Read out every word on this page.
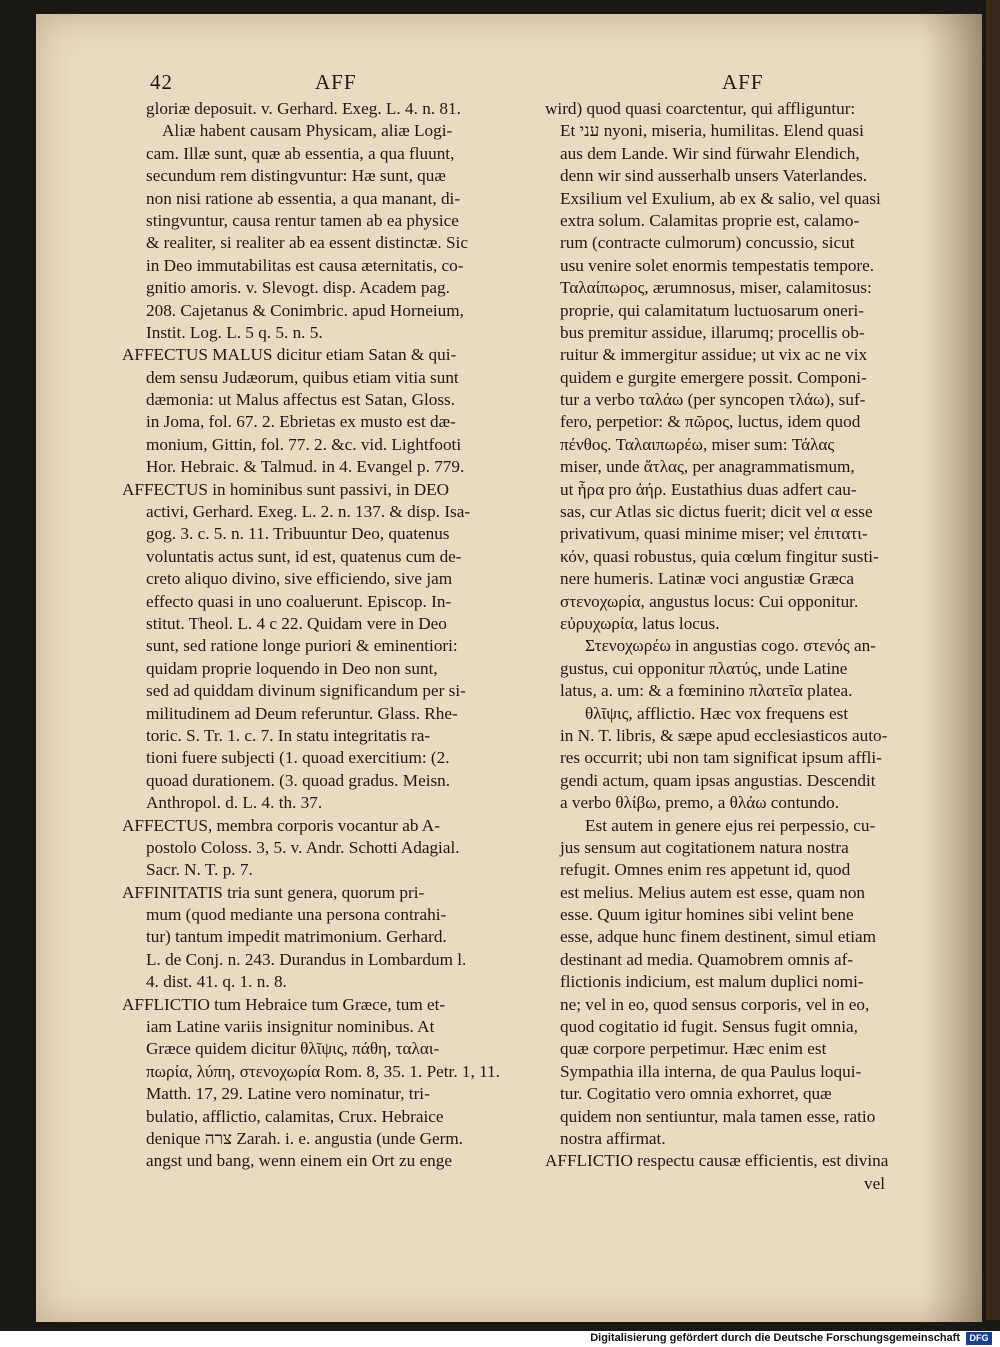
42	AFF	AFF
gloriæ deposuit. v. Gerhard. Exeg. L. 4. n. 81.
Aliæ habent causam Physicam, aliæ Logi-
cam. Illæ sunt, quæ ab essentia, a qua fluunt,
secundum rem distingvuntur: Hæ sunt, quæ
non nisi ratione ab essentia, a qua manant, di-
stingvuntur, causa rentur tamen ab ea physice
& realiter, si realiter ab ea essent distinctæ. Sic
in Deo immutabilitas est causa æternitatis, co-
gnitio amoris. v. Slevogt. disp. Academ pag.
208. Cajetanus & Conimbric. apud Horneium,
Instit. Log. L. 5 q. 5. n. 5.
AFFECTUS MALUS dicitur etiam Satan & qui-
dem sensu Judæorum, quibus etiam vitia sunt
dæmonia: ut Malus affectus est Satan, Gloss.
in Joma, fol. 67. 2. Ebrietas ex musto est dæ-
monium, Gittin, fol. 77. 2. &c. vid. Lightfooti
Hor. Hebraic. & Talmud. in 4. Evangel p. 779.
AFFECTUS in hominibus sunt passivi, in DEO
activi, Gerhard. Exeg. L. 2. n. 137. & disp. Isa-
gog. 3. c. 5. n. 11. Tribuuntur Deo, quatenus
voluntatis actus sunt, id est, quatenus cum de-
creto aliquo divino, sive efficiendo, sive jam
effecto quasi in uno coaluerunt. Episcop. In-
stitut. Theol. L. 4 c 22. Quidam vere in Deo
sunt, sed ratione longe puriori & eminentiori:
quidam proprie loquendo in Deo non sunt,
sed ad quiddam divinum significandum per si-
militudinem ad Deum referuntur. Glass. Rhe-
toric. S. Tr. 1. c. 7. In statu integritatis ra-
tioni fuere subjecti (1. quoad exercitium: (2.
quoad durationem. (3. quoad gradus. Meisn.
Anthropol. d. L. 4. th. 37.
AFFECTUS, membra corporis vocantur ab A-
postolo Coloss. 3, 5. v. Andr. Schotti Adagial.
Sacr. N. T. p. 7.
AFFINITATIS tria sunt genera, quorum pri-
mum (quod mediante una persona contrahi-
tur) tantum impedit matrimonium. Gerhard.
L. de Conj. n. 243. Durandus in Lombardum l.
4. dist. 41. q. 1. n. 8.
AFFLICTIO tum Hebraice tum Græce, tum et-
iam Latine variis insignitur nominibus. At
Græce quidem dicitur θλῖψις, πάθη, ταλαι-
πωρία, λύπη, στενοχωρία Rom. 8, 35. 1. Petr. 1, 11.
Matth. 17, 29. Latine vero nominatur, tri-
bulatio, afflictio, calamitas, Crux. Hebraice
denique צרה Zarah. i. e. angustia (unde Germ.
angst und bang, wenn einem ein Ort zu enge
wird) quod quasi coarctentur, qui affliguntur:
Et עני nyoni, miseria, humilitas. Elend quasi
aus dem Lande. Wir sind fürwahr Elendich,
denn wir sind ausserhalb unsers Vaterlandes.
Exsilium vel Exulium, ab ex & salio, vel quasi
extra solum. Calamitas proprie est, calamo-
rum (contracte culmorum) concussio, sicut
usu venire solet enormis tempestatis tempore.
Ταλαίπωρος, ærumnosus, miser, calamitosus:
proprie, qui calamitatum luctuosarum oneri-
bus premitur assidue, illarumq; procellis ob-
ruitur & immergitur assidue; ut vix ac ne vix
quidem e gurgite emergere possit. Componi-
tur a verbo ταλάω (per syncopen τλάω), suf-
fero, perpetior: & πῶρος, luctus, idem quod
πένθος. Ταλαιπωρέω, miser sum: Τάλας
miser, unde ἄτλας, per anagrammatismum,
ut ἦρα pro ἀήρ. Eustathius duas adfert cau-
sas, cur Atlas sic dictus fuerit; dicit vel α esse
privativum, quasi minime miser; vel ἐπιτατι-
κόν, quasi robustus, quia cœlum fingitur susti-
nere humeris. Latinæ voci angustiæ Græca
στενοχωρία, angustus locus: Cui opponitur.
εὐρυχωρία, latus locus.
Στενοχωρέω in angustias cogo. στενός an-
gustus, cui opponitur πλατύς, unde Latine
latus, a. um: & a fœminino πλατεῖα platea.
θλῖψις, afflictio. Hæc vox frequens est
in N. T. libris, & sæpe apud ecclesiasticos auto-
res occurrit; ubi non tam significat ipsum affli-
gendi actum, quam ipsas angustias. Descendit
a verbo θλίβω, premo, a θλάω contundo.
Est autem in genere ejus rei perpessio, cu-
jus sensum aut cogitationem natura nostra
refugit. Omnes enim res appetunt id, quod
est melius. Melius autem est esse, quam non
esse. Quum igitur homines sibi velint bene
esse, adque hunc finem destinent, simul etiam
destinant ad media. Quamobrem omnis af-
flictionis indicium, est malum duplici nomi-
ne; vel in eo, quod sensus corporis, vel in eo,
quod cogitatio id fugit. Sensus fugit omnia,
quæ corpore perpetimur. Hæc enim est
Sympathia illa interna, de qua Paulus loqui-
tur. Cogitatio vero omnia exhorret, quæ
quidem non sentiuntur, mala tamen esse, ratio
nostra affirmat.
AFFLICTIO respectu causæ efficientis, est divina
vel
Digitalisierung gefördert durch die Deutsche Forschungsgemeinschaft	DFG
